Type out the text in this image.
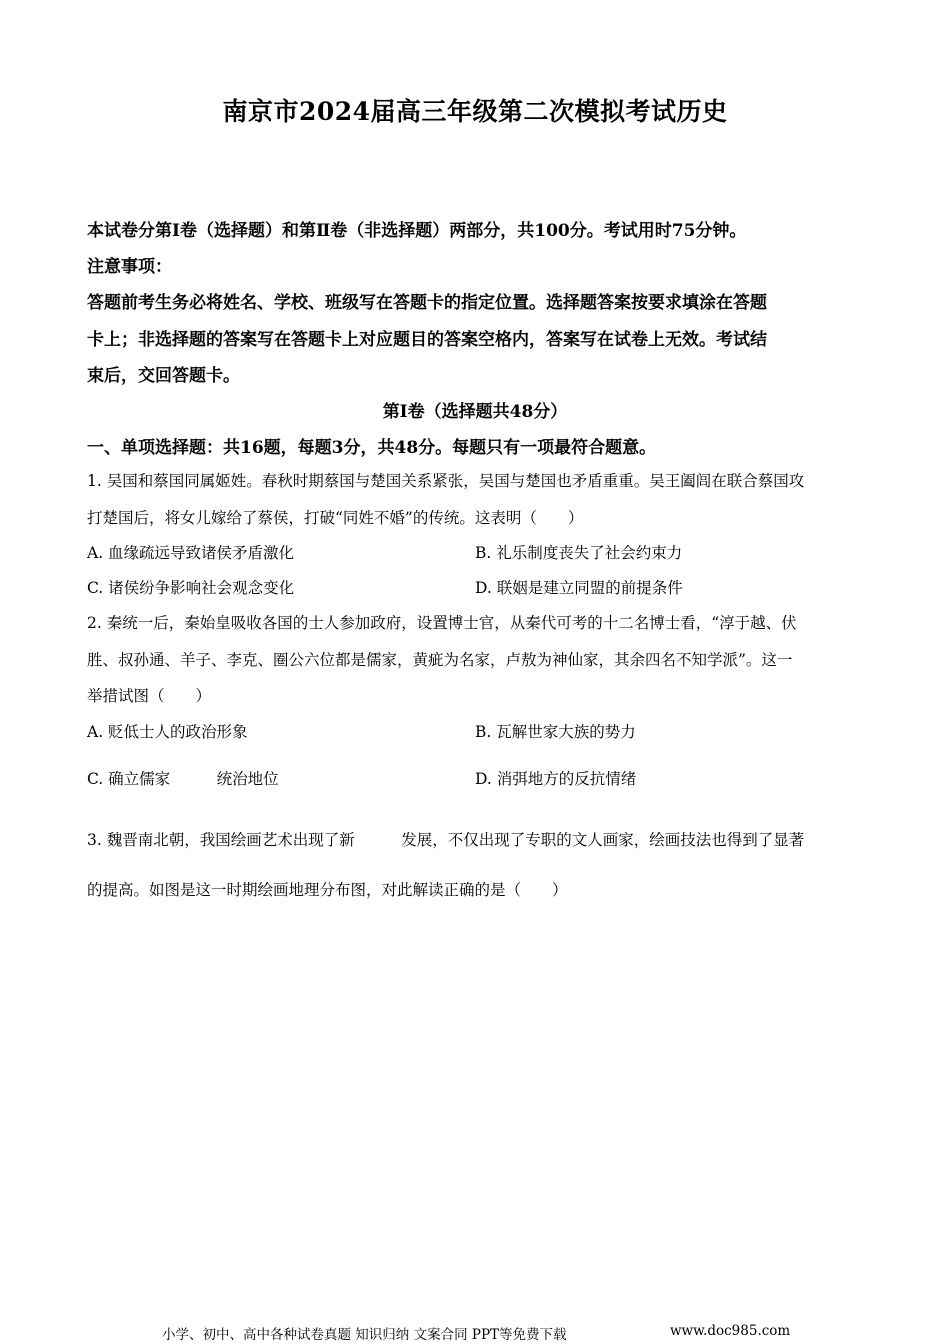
南京市2024届高三年级第二次模拟考试历史
本试卷分第Ⅰ卷（选择题）和第Ⅱ卷（非选择题）两部分，共100分。考试用时75分钟。
注意事项：
答题前考生务必将姓名、学校、班级写在答题卡的指定位置。选择题答案按要求填涂在答题
卡上；非选择题的答案写在答题卡上对应题目的答案空格内，答案写在试卷上无效。考试结
束后，交回答题卡。
第Ⅰ卷（选择题共48分）
一、单项选择题：共16题，每题3分，共48分。每题只有一项最符合题意。
1. 吴国和蔡国同属姬姓。春秋时期蔡国与楚国关系紧张，吴国与楚国也矛盾重重。吴王阖闾在联合蔡国攻
打楚国后，将女儿嫁给了蔡侯，打破“同姓不婚”的传统。这表明（　　）
A. 血缘疏远导致诸侯矛盾激化	B. 礼乐制度丧失了社会约束力
C. 诸侯纷争影响社会观念变化	D. 联姻是建立同盟的前提条件
2. 秦统一后，秦始皇吸收各国的士人参加政府，设置博士官，从秦代可考的十二名博士看，“淳于越、伏
胜、叔孙通、羊子、李克、圈公六位都是儒家，黄疵为名家，卢敖为神仙家，其余四名不知学派”。这一
举措试图（　　）
A. 贬低士人的政治形象	B. 瓦解世家大族的势力
C. 确立儒家　　　统治地位	D. 消弭地方的反抗情绪
3. 魏晋南北朝，我国绘画艺术出现了新　　　发展，不仅出现了专职的文人画家，绘画技法也得到了显著
的提高。如图是这一时期绘画地理分布图，对此解读正确的是（　　）
小学、初中、高中各种试卷真题 知识归纳 文案合同 PPT等免费下载	www.doc985.com
